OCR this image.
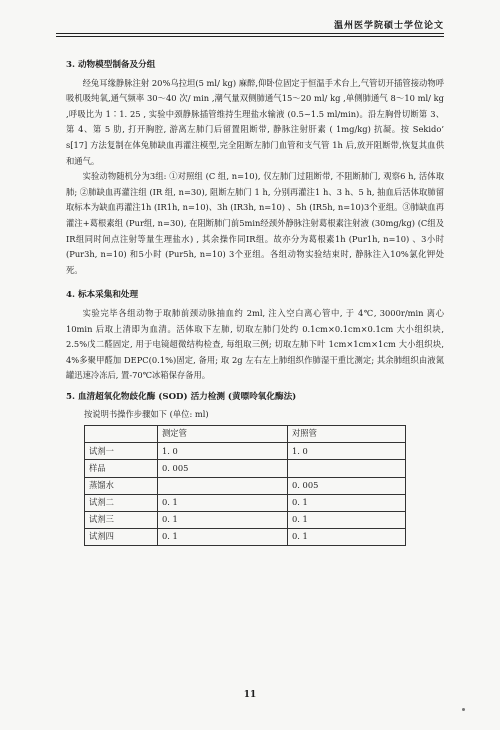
温州医学院硕士学位论文
3. 动物模型制备及分组

经兔耳缘静脉注射 20%乌拉坦(5 ml/ kg) 麻醉,仰卧位固定于恒温手术台上,气管切开插管接动物呼吸机吸纯氧,通气频率 30～40 次/ min ,潮气量双侧肺通气15～20 ml/ kg ,单侧肺通气 8～10 ml/ kg ,呼吸比为 1∶1. 25 , 实验中颈静脉插管维持生理盐水输液 (0.5~1.5 ml/min)。沿左胸骨切断第 3、第 4、第 5 肋, 打开胸腔, 游离左肺门后留置阻断带, 静脉注射肝素 ( 1mg/kg) 抗凝。按 Sekido’ s[17] 方法复制在体兔肺缺血再灌注模型,完全阻断左肺门血管和支气管 1h 后,放开阻断带,恢复其血供和通气。

实验动物随机分为3组: ①对照组 (C 组, n=10), 仅左肺门过阻断带, 不阻断肺门, 观察6 h, 活体取肺; ②肺缺血再灌注组 (IR 组, n=30), 阻断左肺门 1 h, 分别再灌注1 h、3 h、5 h, 抽血后活体取肺留取标本为缺血再灌注1h (IR1h, n=10)、3h (IR3h, n=10) 、5h (IR5h, n=10)3个亚组。③肺缺血再灌注+葛根素组 (Pur组, n=30), 在阻断肺门前5min经颈外静脉注射葛根素注射液 (30mg/kg) (C组及IR组同时间点注射等量生理盐水) , 其余操作同IR组。故亦分为葛根素1h (Pur1h, n=10) 、3小时 (Pur3h, n=10) 和5小时 (Pur5h, n=10) 3个亚组。各组动物实验结束时, 静脉注入10%氯化钾处死。

4. 标本采集和处理

实验完毕各组动物于取肺前颈动脉抽血约 2ml, 注入空白离心管中, 于 4℃, 3000r/min 离心 10min 后取上清即为血清。活体取下左肺, 切取左肺门处约 0.1cm×0.1cm×0.1cm 大小组织块, 2.5%戊二醛固定, 用于电镜超微结构检查, 每组取三例; 切取左肺下叶 1cm×1cm×1cm 大小组织块, 4%多聚甲醛加 DEPC(0.1%)固定, 备用; 取 2g 左右左上肺组织作肺湿干重比测定; 其余肺组织由液氮罐迅速冷冻后, 置-70℃冰箱保存备用。

5. 血清超氧化物歧化酶 (SOD) 活力检测 (黄嘌呤氧化酶法)
按说明书操作步骤如下 (单位: ml)
	测定管	对照管
试剂一	1. 0	1. 0
样品	0. 005	
蒸馏水		0. 005
试剂二	0. 1	0. 1
试剂三	0. 1	0. 1
试剂四	0. 1	0. 1
11
